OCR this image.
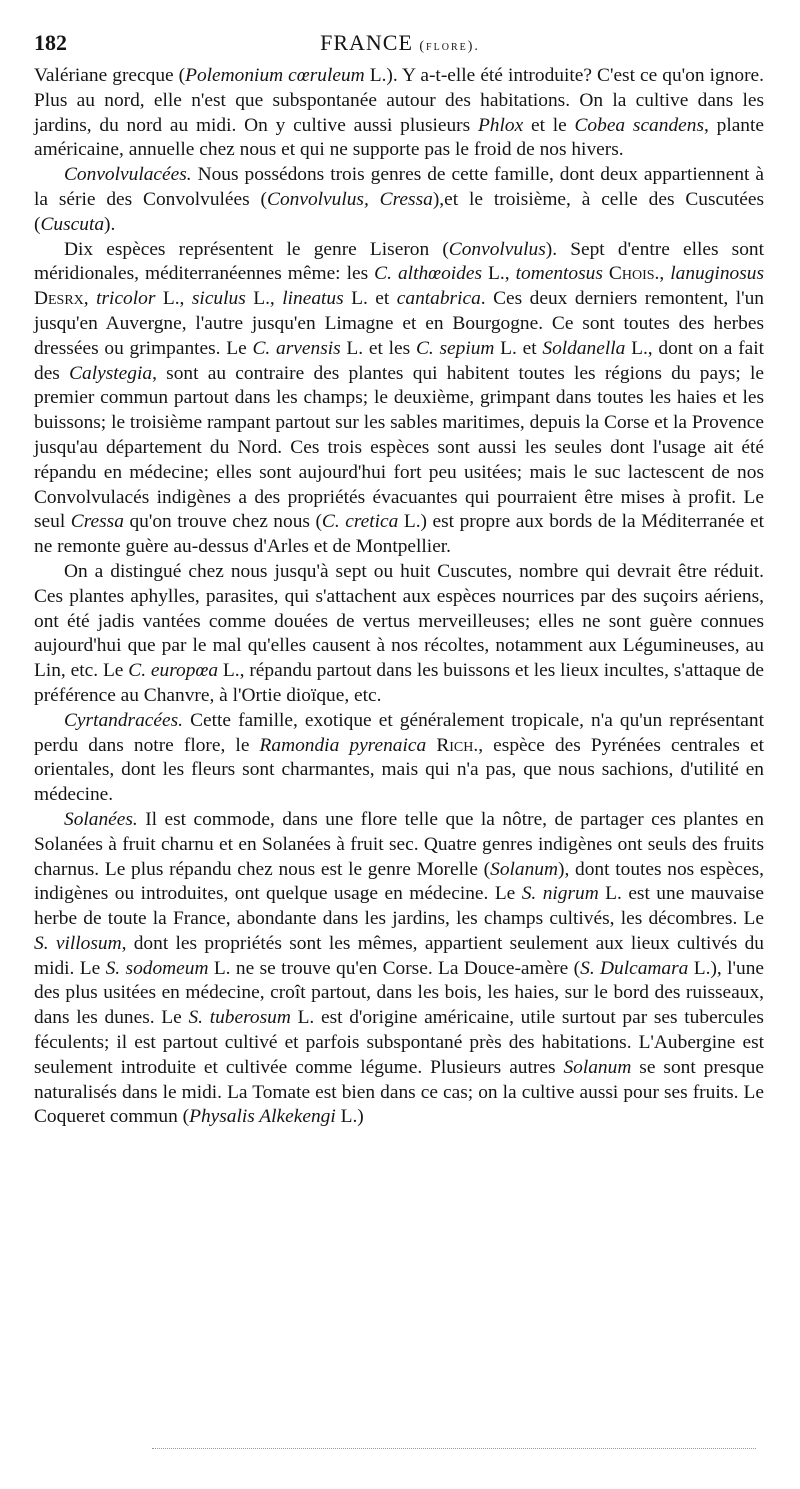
182	FRANCE (flore).

Valériane grecque (Polemonium cœruleum L.). Y a-t-elle été introduite? C'est ce qu'on ignore. Plus au nord, elle n'est que subspontanée autour des habitations. On la cultive dans les jardins, du nord au midi. On y cultive aussi plusieurs Phlox et le Cobea scandens, plante américaine, annuelle chez nous et qui ne supporte pas le froid de nos hivers.

Convolvulacées. Nous possédons trois genres de cette famille, dont deux appartiennent à la série des Convolvulées (Convolvulus, Cressa),et le troisième, à celle des Cuscutées (Cuscuta).

Dix espèces représentent le genre Liseron (Convolvulus). Sept d'entre elles sont méridionales, méditerranéennes même: les C. althœoides L., tomentosus Chois., lanuginosus Desrx, tricolor L., siculus L., lineatus L. et cantabrica. Ces deux derniers remontent, l'un jusqu'en Auvergne, l'autre jusqu'en Limagne et en Bourgogne. Ce sont toutes des herbes dressées ou grimpantes. Le C. arvensis L. et les C. sepium L. et Soldanella L., dont on a fait des Calystegia, sont au contraire des plantes qui habitent toutes les régions du pays; le premier commun partout dans les champs; le deuxième, grimpant dans toutes les haies et les buissons; le troisième rampant partout sur les sables maritimes, depuis la Corse et la Provence jusqu'au département du Nord. Ces trois espèces sont aussi les seules dont l'usage ait été répandu en médecine; elles sont aujourd'hui fort peu usitées; mais le suc lactescent de nos Convolvulacés indigènes a des propriétés évacuantes qui pourraient être mises à profit. Le seul Cressa qu'on trouve chez nous (C. cretica L.) est propre aux bords de la Méditerranée et ne remonte guère au-dessus d'Arles et de Montpellier.

On a distingué chez nous jusqu'à sept ou huit Cuscutes, nombre qui devrait être réduit. Ces plantes aphylles, parasites, qui s'attachent aux espèces nourrices par des suçoirs aériens, ont été jadis vantées comme douées de vertus merveilleuses; elles ne sont guère connues aujourd'hui que par le mal qu'elles causent à nos récoltes, notamment aux Légumineuses, au Lin, etc. Le C. europœa L., répandu partout dans les buissons et les lieux incultes, s'attaque de préférence au Chanvre, à l'Ortie dioïque, etc.

Cyrtandracées. Cette famille, exotique et généralement tropicale, n'a qu'un représentant perdu dans notre flore, le Ramondia pyrenaica Rich., espèce des Pyrénées centrales et orientales, dont les fleurs sont charmantes, mais qui n'a pas, que nous sachions, d'utilité en médecine.

Solanées. Il est commode, dans une flore telle que la nôtre, de partager ces plantes en Solanées à fruit charnu et en Solanées à fruit sec. Quatre genres indigènes ont seuls des fruits charnus. Le plus répandu chez nous est le genre Morelle (Solanum), dont toutes nos espèces, indigènes ou introduites, ont quelque usage en médecine. Le S. nigrum L. est une mauvaise herbe de toute la France, abondante dans les jardins, les champs cultivés, les décombres. Le S. villosum, dont les propriétés sont les mêmes, appartient seulement aux lieux cultivés du midi. Le S. sodomeum L. ne se trouve qu'en Corse. La Douce-amère (S. Dulcamara L.), l'une des plus usitées en médecine, croît partout, dans les bois, les haies, sur le bord des ruisseaux, dans les dunes. Le S. tuberosum L. est d'origine américaine, utile surtout par ses tubercules féculents; il est partout cultivé et parfois subspontané près des habitations. L'Aubergine est seulement introduite et cultivée comme légume. Plusieurs autres Solanum se sont presque naturalisés dans le midi. La Tomate est bien dans ce cas; on la cultive aussi pour ses fruits. Le Coqueret commun (Physalis Alkekengi L.)
